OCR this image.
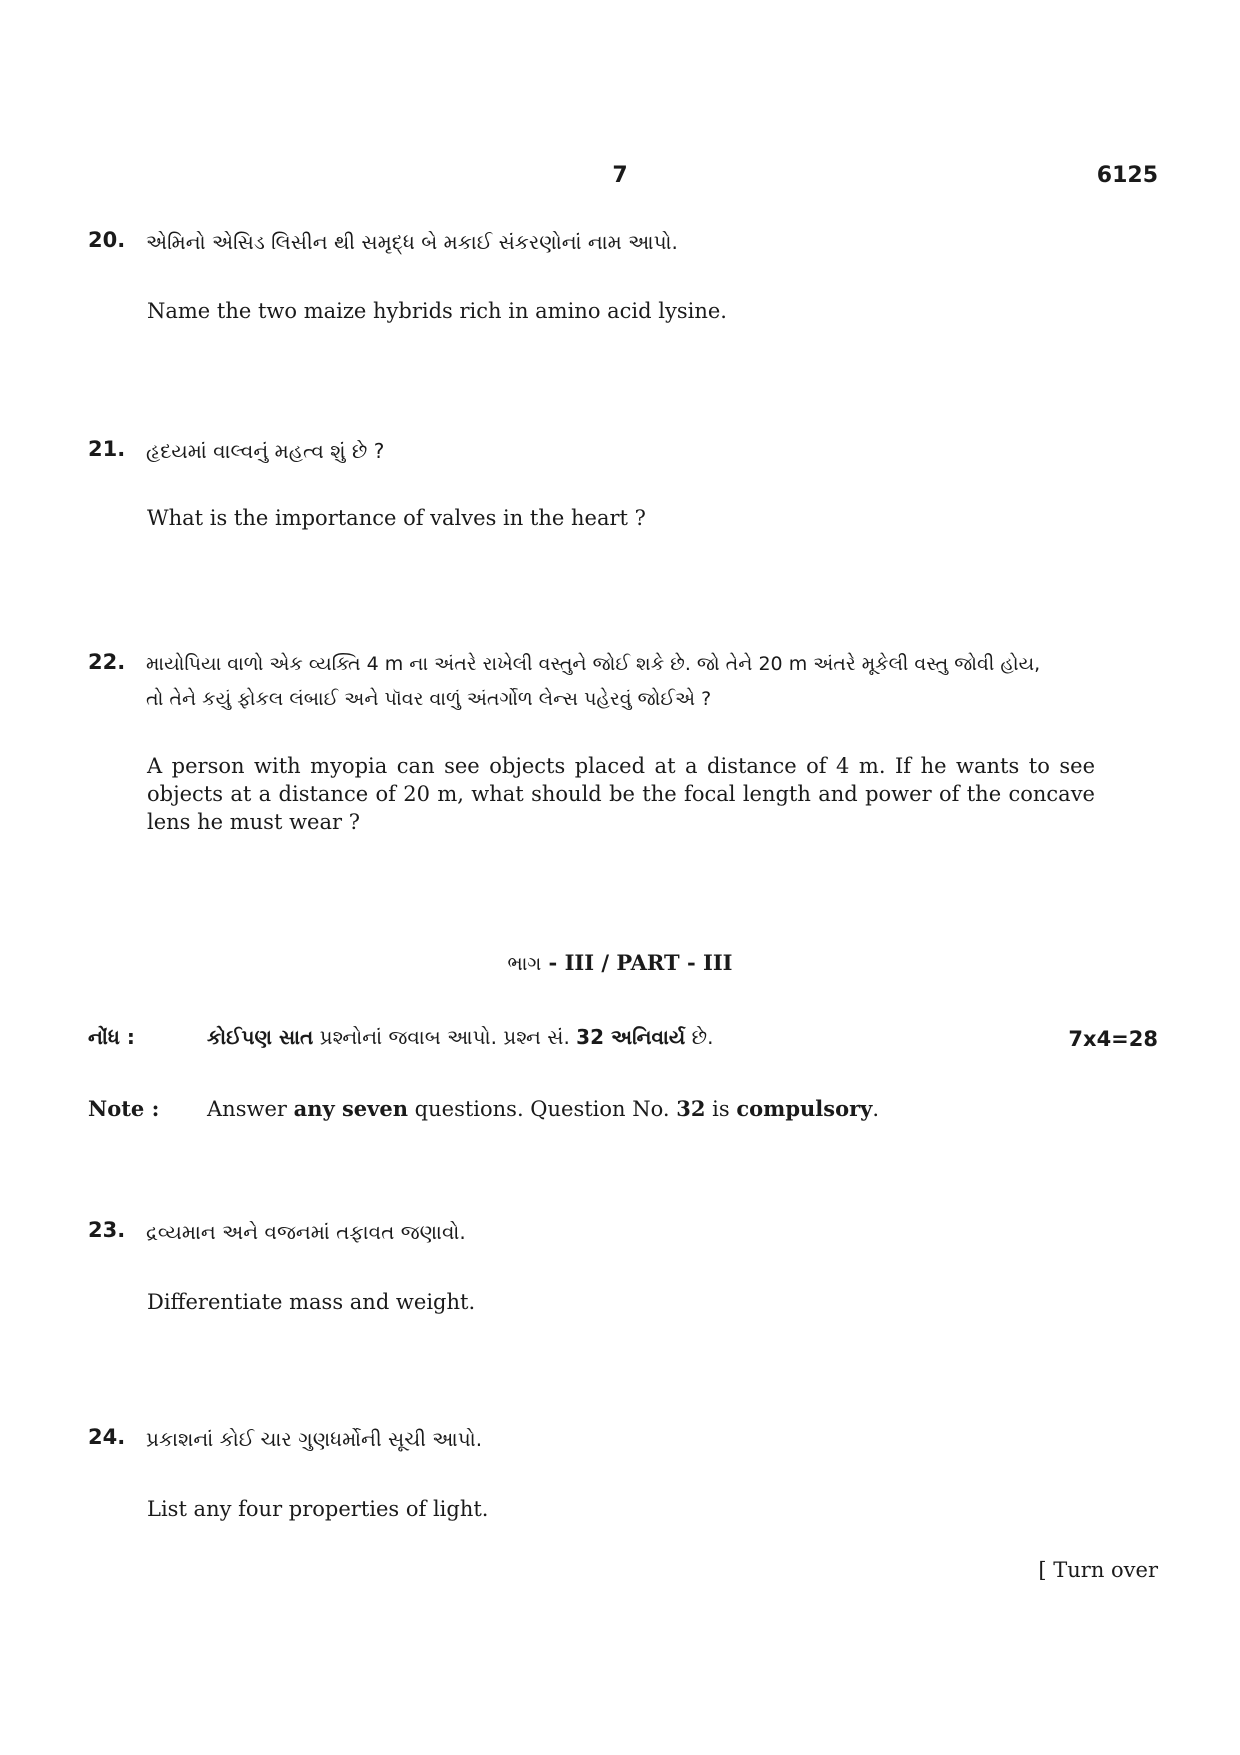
7	6125
20. એમિનો એસિડ લિસીન થી સમૃદ્ધ બે મકાઈ સંકરણોનાં નામ આપો.
Name the two maize hybrids rich in amino acid lysine.
21. હૃદયમાં વાલ્વનું મહત્વ શું છે ?
What is the importance of valves in the heart ?
22. માયોપિયા વાળો એક વ્યક્તિ 4 m ના અંતરે રાખેલી વસ્તુને જોઈ શકે છે. જો તેને 20 m અંતરે મૂકેલી વસ્તુ જોવી હોય,
તો તેને કયું ફોકલ લંબાઈ અને પૉવર વાળું અંતર્ગોળ લેન્સ પહેરવું જોઈએ ?
A person with myopia can see objects placed at a distance of 4 m. If he wants to see objects at a distance of 20 m, what should be the focal length and power of the concave lens he must wear ?
ભાગ - III / PART - III
નોંધ :	કોઈપણ સાત પ્રશ્નોનાં જવાબ આપો. પ્રશ્ન સં. 32 અનિવાર્ય છે.	7x4=28
Note : Answer any seven questions. Question No. 32 is compulsory.
23. દ્રવ્યમાન અને વજનમાં તફાવત જણાવો.
Differentiate mass and weight.
24. પ્રકાશનાં કોઈ ચાર ગુણધર્મોની સૂચી આપો.
List any four properties of light.
[ Turn over
